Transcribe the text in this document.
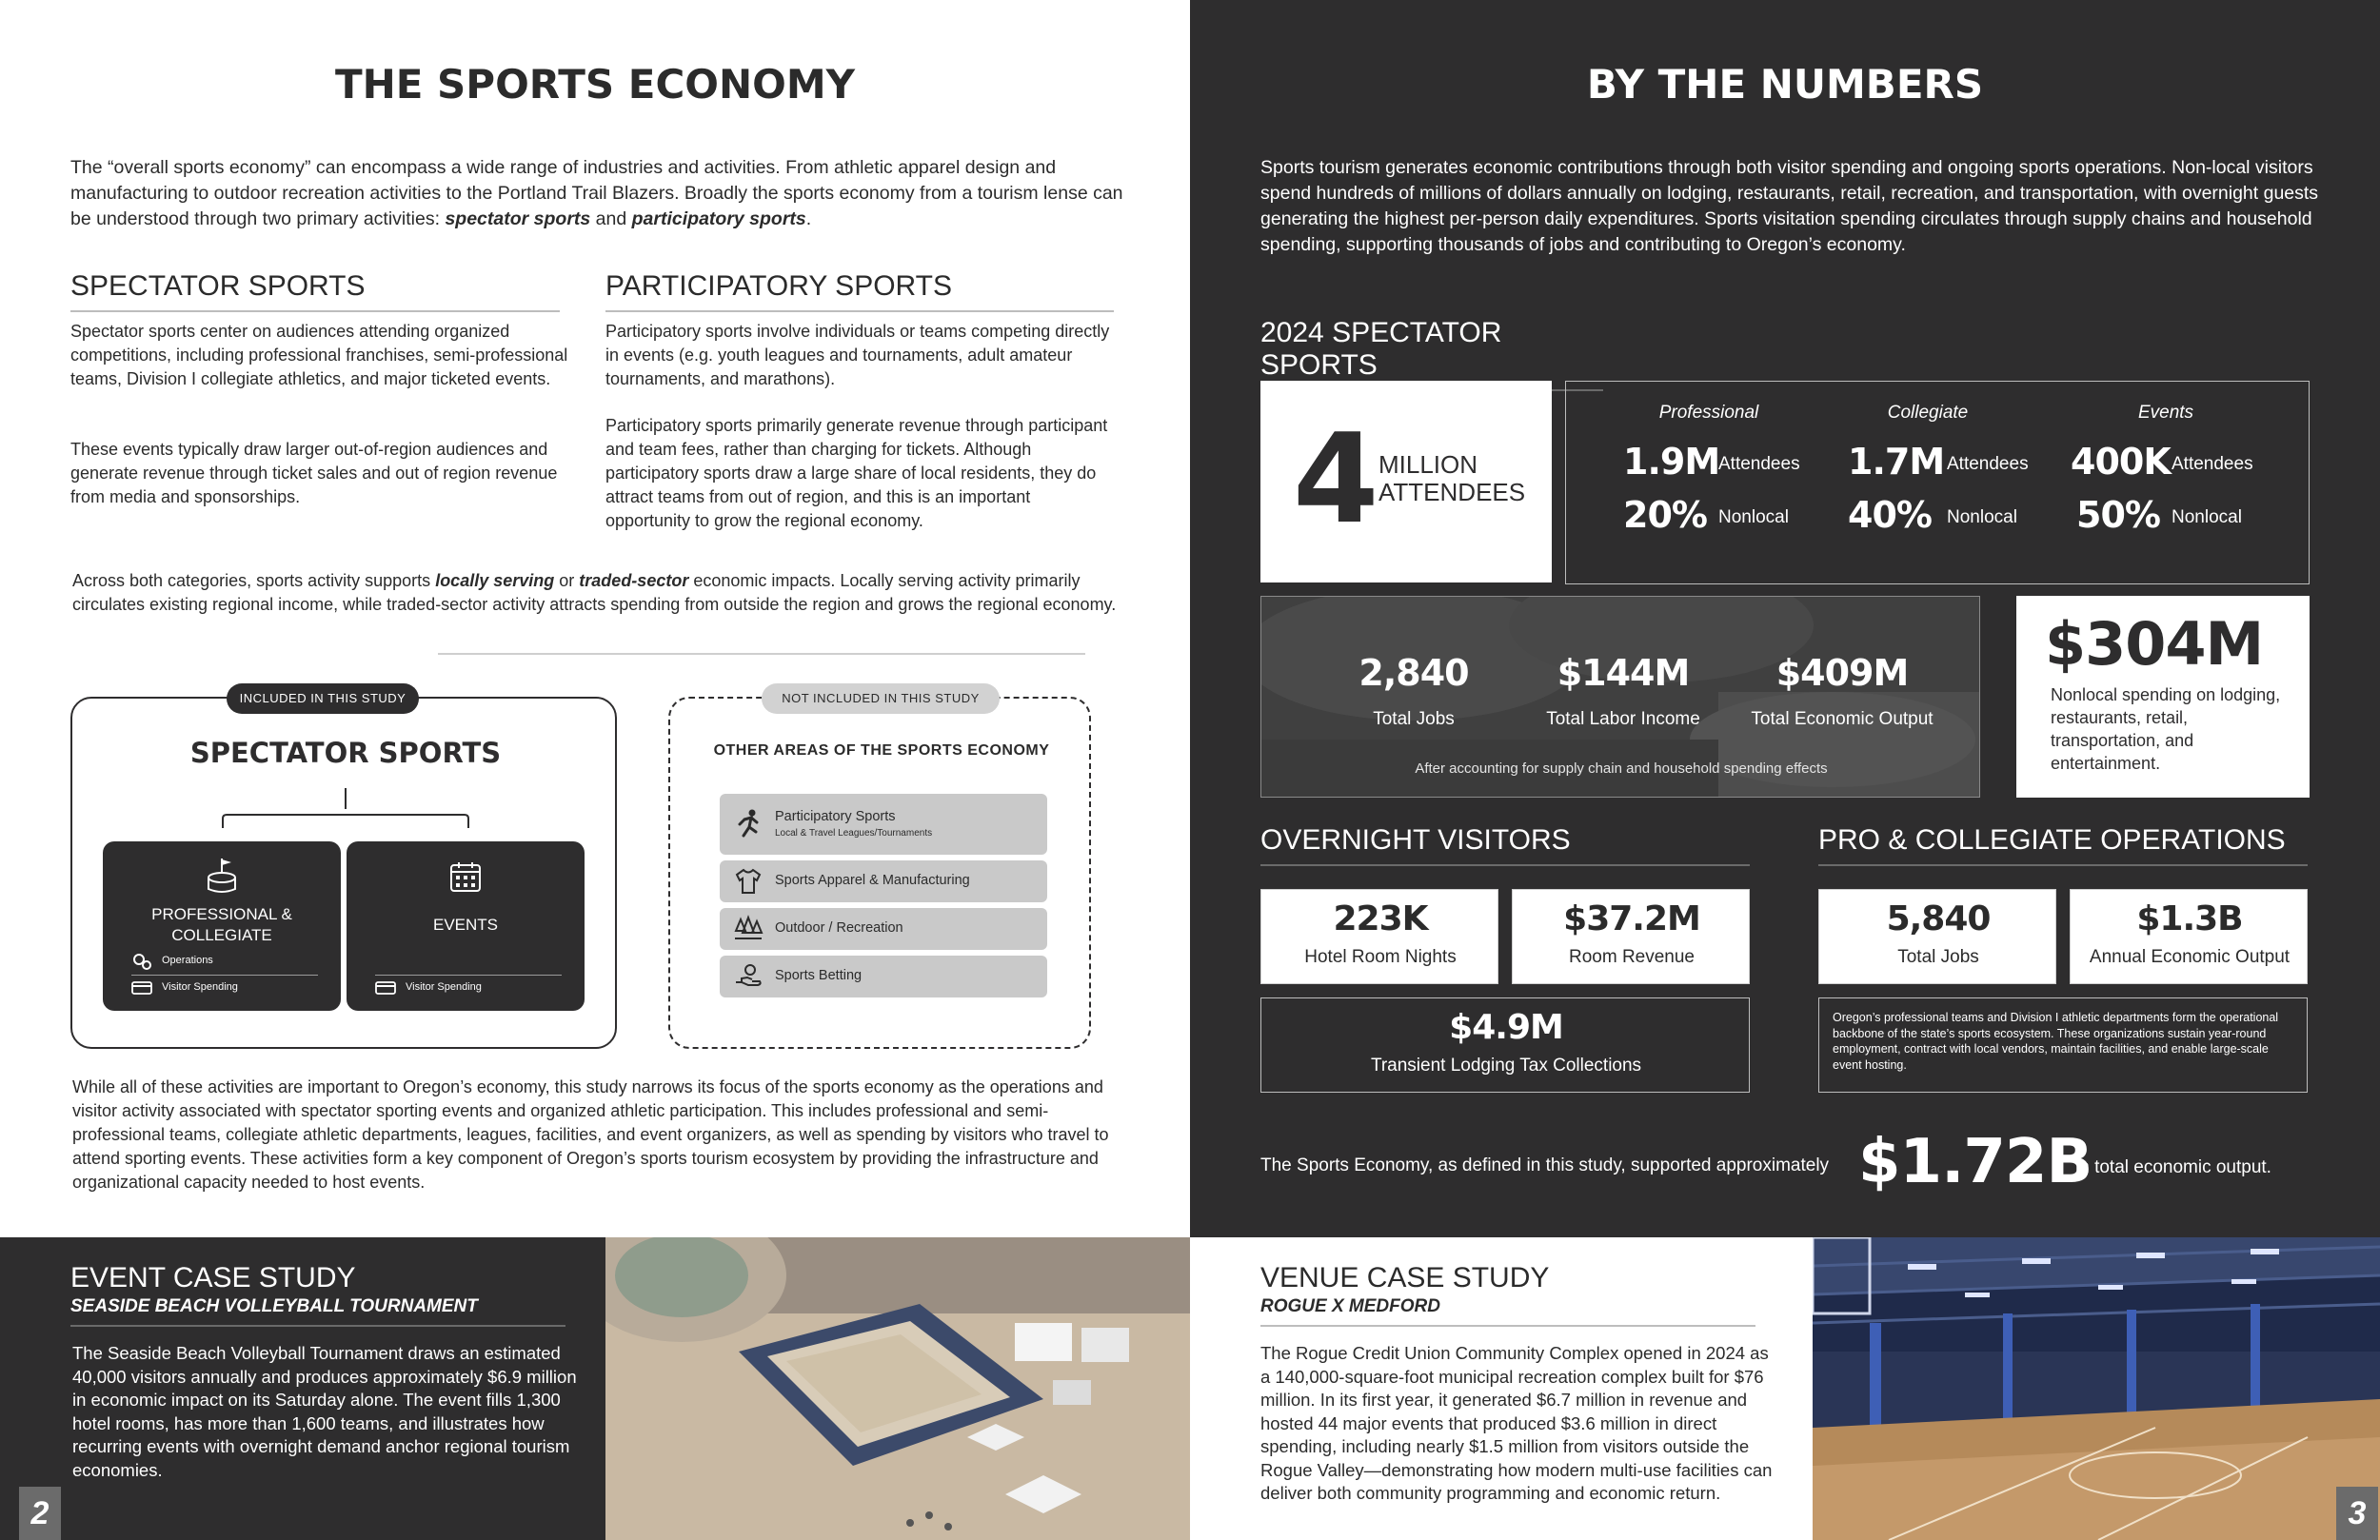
THE SPORTS ECONOMY
The “overall sports economy” can encompass a wide range of industries and activities. From athletic apparel design and manufacturing to outdoor recreation activities to the Portland Trail Blazers. Broadly the sports economy from a tourism lense can be understood through two primary activities: spectator sports and participatory sports.
SPECTATOR SPORTS
Spectator sports center on audiences attending organized competitions, including professional franchises, semi-professional teams, Division I collegiate athletics, and major ticketed events.
These events typically draw larger out-of-region audiences and generate revenue through ticket sales and out of region revenue from media and sponsorships.
PARTICIPATORY SPORTS
Participatory sports involve individuals or teams competing directly in events (e.g. youth leagues and tournaments, adult amateur tournaments, and marathons).
Participatory sports primarily generate revenue through participant and team fees, rather than charging for tickets. Although participatory sports draw a large share of local residents, they do attract teams from out of region, and this is an important opportunity to grow the regional economy.
Across both categories, sports activity supports locally serving or traded-sector economic impacts. Locally serving activity primarily circulates existing regional income, while traded-sector activity attracts spending from outside the region and grows the regional economy.
INCLUDED IN THIS STUDY
SPECTATOR SPORTS
PROFESSIONAL & COLLEGIATE
Operations
Visitor Spending
EVENTS
Visitor Spending
NOT INCLUDED IN THIS STUDY
OTHER AREAS OF THE SPORTS ECONOMY
Participatory Sports
Local & Travel Leagues/Tournaments
Sports Apparel & Manufacturing
Outdoor / Recreation
Sports Betting
While all of these activities are important to Oregon’s economy, this study narrows its focus of the sports economy as the operations and visitor activity associated with spectator sporting events and organized athletic participation. This includes professional and semi-professional teams, collegiate athletic departments, leagues, facilities, and event organizers, as well as spending by visitors who travel to attend sporting events. These activities form a key component of Oregon’s sports tourism ecosystem by providing the infrastructure and organizational capacity needed to host events.
BY THE NUMBERS
Sports tourism generates economic contributions through both visitor spending and ongoing sports operations. Non-local visitors spend hundreds of millions of dollars annually on lodging, restaurants, retail, recreation, and transportation, with overnight guests generating the highest per-person daily expenditures. Sports visitation spending circulates through supply chains and household spending, supporting thousands of jobs and contributing to Oregon’s economy.
2024 SPECTATOR SPORTS
4 MILLION
ATTENDEES
Professional	Collegiate	Events
1.9M
Attendees
20% Nonlocal
1.7M Attendees
40% Nonlocal
400K Attendees
50% Nonlocal
2,840
Total Jobs
$144M
Total Labor Income
$409M
Total Economic Output
After accounting for supply chain and household spending effects
$304M
Nonlocal spending on lodging, restaurants, retail, transportation, and entertainment.
OVERNIGHT VISITORS
223K
Hotel Room Nights
$37.2M
Room Revenue
$4.9M
Transient Lodging Tax Collections
PRO & COLLEGIATE OPERATIONS
5,840
Total Jobs
$1.3B
Annual Economic Output
Oregon’s professional teams and Division I athletic departments form the operational backbone of the state’s sports ecosystem. These organizations sustain year-round employment, contract with local vendors, maintain facilities, and enable large-scale event hosting.
The Sports Economy, as defined in this study, supported approximately $1.72B
in total economic output.
EVENT CASE STUDY
SEASIDE BEACH VOLLEYBALL TOURNAMENT
The Seaside Beach Volleyball Tournament draws an estimated 40,000 visitors annually and produces approximately $6.9 million in economic impact on its Saturday alone. The event fills 1,300 hotel rooms, has more than 1,600 teams, and illustrates how recurring events with overnight demand anchor regional tourism economies.
2
VENUE CASE STUDY
ROGUE X MEDFORD
The Rogue Credit Union Community Complex opened in 2024 as a 140,000-square-foot municipal recreation complex built for $76 million. In its first year, it generated $6.7 million in revenue and hosted 44 major events that produced $3.6 million in direct spending, including nearly $1.5 million from visitors outside the Rogue Valley—demonstrating how modern multi-use facilities can deliver both community programming and economic return.
3
